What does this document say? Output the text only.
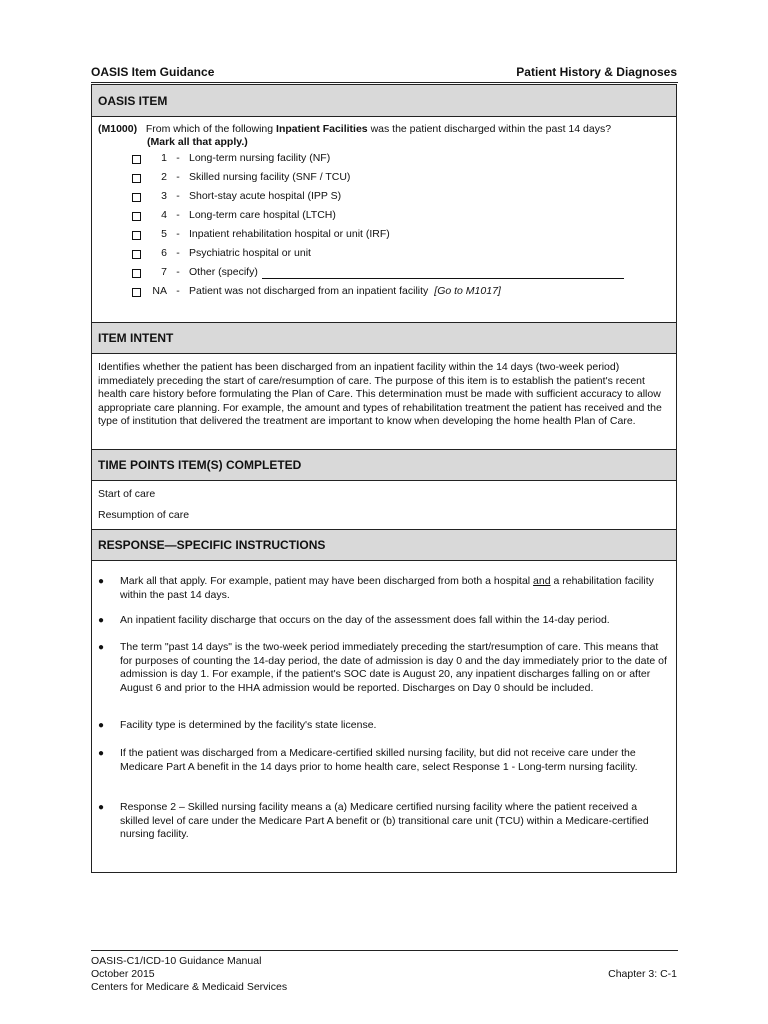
OASIS Item Guidance	Patient History & Diagnoses
OASIS ITEM
(M1000) From which of the following Inpatient Facilities was the patient discharged within the past 14 days?
(Mark all that apply.)
1 - Long-term nursing facility (NF)
2 - Skilled nursing facility (SNF / TCU)
3 - Short-stay acute hospital (IPP S)
4 - Long-term care hospital (LTCH)
5 - Inpatient rehabilitation hospital or unit (IRF)
6 - Psychiatric hospital or unit
7 - Other (specify)
NA - Patient was not discharged from an inpatient facility [Go to M1017]
ITEM INTENT
Identifies whether the patient has been discharged from an inpatient facility within the 14 days (two-week period) immediately preceding the start of care/resumption of care. The purpose of this item is to establish the patient's recent health care history before formulating the Plan of Care. This determination must be made with sufficient accuracy to allow appropriate care planning. For example, the amount and types of rehabilitation treatment the patient has received and the type of institution that delivered the treatment are important to know when developing the home health Plan of Care.
TIME POINTS ITEM(S) COMPLETED
Start of care
Resumption of care
RESPONSE—SPECIFIC INSTRUCTIONS
●	Mark all that apply. For example, patient may have been discharged from both a hospital and a rehabilitation facility within the past 14 days.
●	An inpatient facility discharge that occurs on the day of the assessment does fall within the 14-day period.
●	The term "past 14 days" is the two-week period immediately preceding the start/resumption of care. This means that for purposes of counting the 14-day period, the date of admission is day 0 and the day immediately prior to the date of admission is day 1. For example, if the patient's SOC date is August 20, any inpatient discharges falling on or after August 6 and prior to the HHA admission would be reported. Discharges on Day 0 should be included.
●	Facility type is determined by the facility's state license.
●	If the patient was discharged from a Medicare-certified skilled nursing facility, but did not receive care under the Medicare Part A benefit in the 14 days prior to home health care, select Response 1 - Long-term nursing facility.
●	Response 2 – Skilled nursing facility means a (a) Medicare certified nursing facility where the patient received a skilled level of care under the Medicare Part A benefit or (b) transitional care unit (TCU) within a Medicare-certified nursing facility.
OASIS-C1/ICD-10 Guidance Manual
October 2015
Centers for Medicare & Medicaid Services
Chapter 3: C-1
